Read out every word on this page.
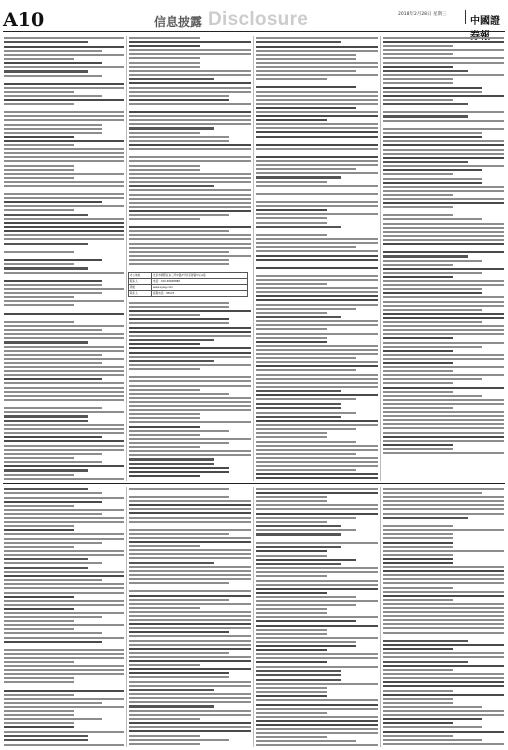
A10	信息披露 Disclosure	2018年2月28日 星期三
中國證
办公地址	北京市朝阳区东三环中路7号北京财富中心A座
联系人	电话：010-65608888
网址	www.sywg.com
联系人	客服电话：95523
